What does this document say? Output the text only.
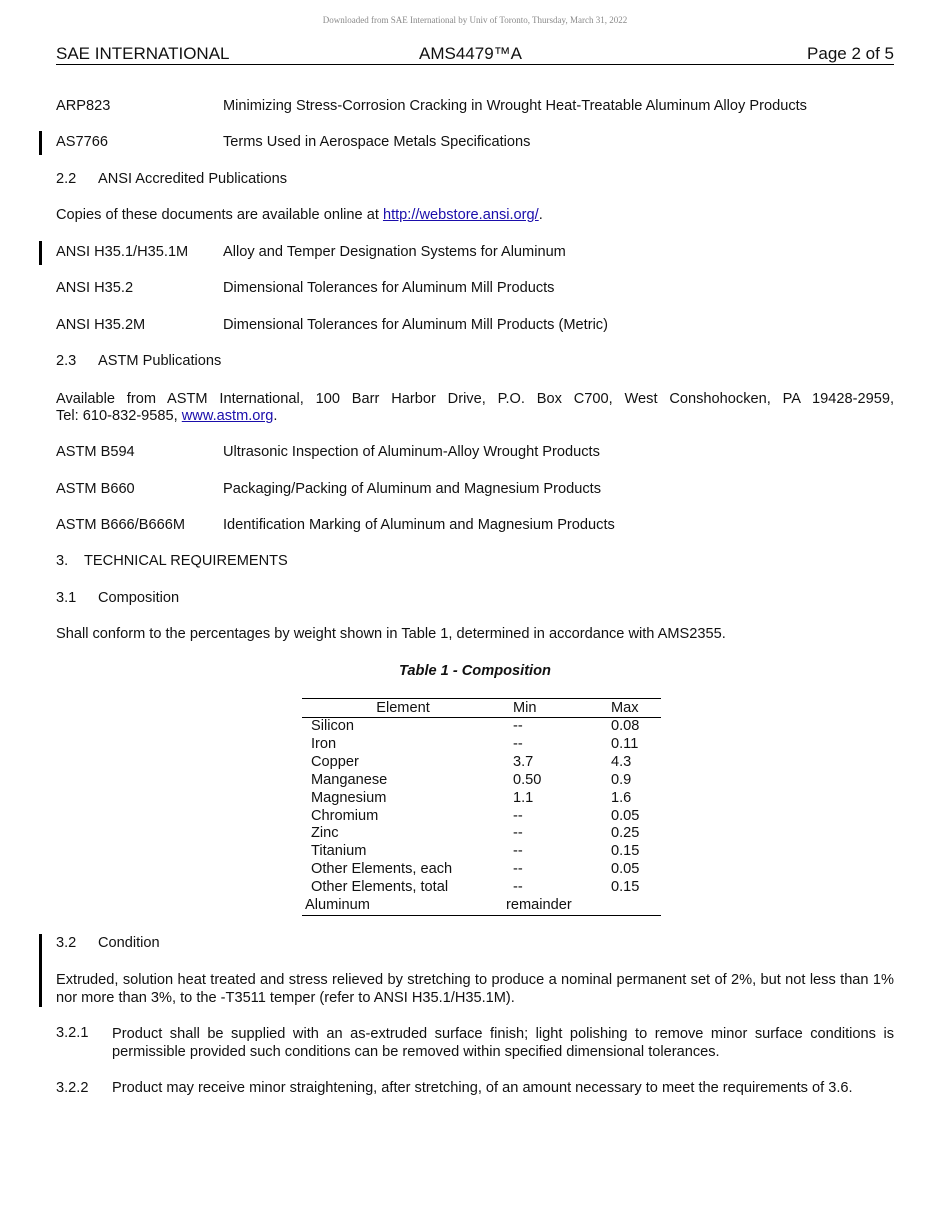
Downloaded from SAE International by Univ of Toronto, Thursday, March 31, 2022
SAE INTERNATIONAL	AMS4479™A	Page 2 of 5
ARP823	Minimizing Stress-Corrosion Cracking in Wrought Heat-Treatable Aluminum Alloy Products
AS7766	Terms Used in Aerospace Metals Specifications
2.2 ANSI Accredited Publications
Copies of these documents are available online at http://webstore.ansi.org/.
ANSI H35.1/H35.1M Alloy and Temper Designation Systems for Aluminum
ANSI H35.2	Dimensional Tolerances for Aluminum Mill Products
ANSI H35.2M	Dimensional Tolerances for Aluminum Mill Products (Metric)
2.3 ASTM Publications
Available from ASTM International, 100 Barr Harbor Drive, P.O. Box C700, West Conshohocken, PA 19428-2959,
Tel: 610-832-9585, www.astm.org.
ASTM B594	Ultrasonic Inspection of Aluminum-Alloy Wrought Products
ASTM B660	Packaging/Packing of Aluminum and Magnesium Products
ASTM B666/B666M	Identification Marking of Aluminum and Magnesium Products
3. TECHNICAL REQUIREMENTS
3.1 Composition
Shall conform to the percentages by weight shown in Table 1, determined in accordance with AMS2355.
Table 1 - Composition
Element	Min	Max
Silicon	--	0.08
Iron	--	0.11
Copper	3.7	4.3
Manganese	0.50	0.9
Magnesium	1.1	1.6
Chromium	--	0.05
Zinc	--	0.25
Titanium	--	0.15
Other Elements, each	--	0.05
Other Elements, total	--	0.15
Aluminum	remainder	
3.2 Condition
Extruded, solution heat treated and stress relieved by stretching to produce a nominal permanent set of 2%, but not less than 1% nor more than 3%, to the -T3511 temper (refer to ANSI H35.1/H35.1M).
3.2.1 Product shall be supplied with an as-extruded surface finish; light polishing to remove minor surface conditions is permissible provided such conditions can be removed within specified dimensional tolerances.
3.2.2 Product may receive minor straightening, after stretching, of an amount necessary to meet the requirements of 3.6.
